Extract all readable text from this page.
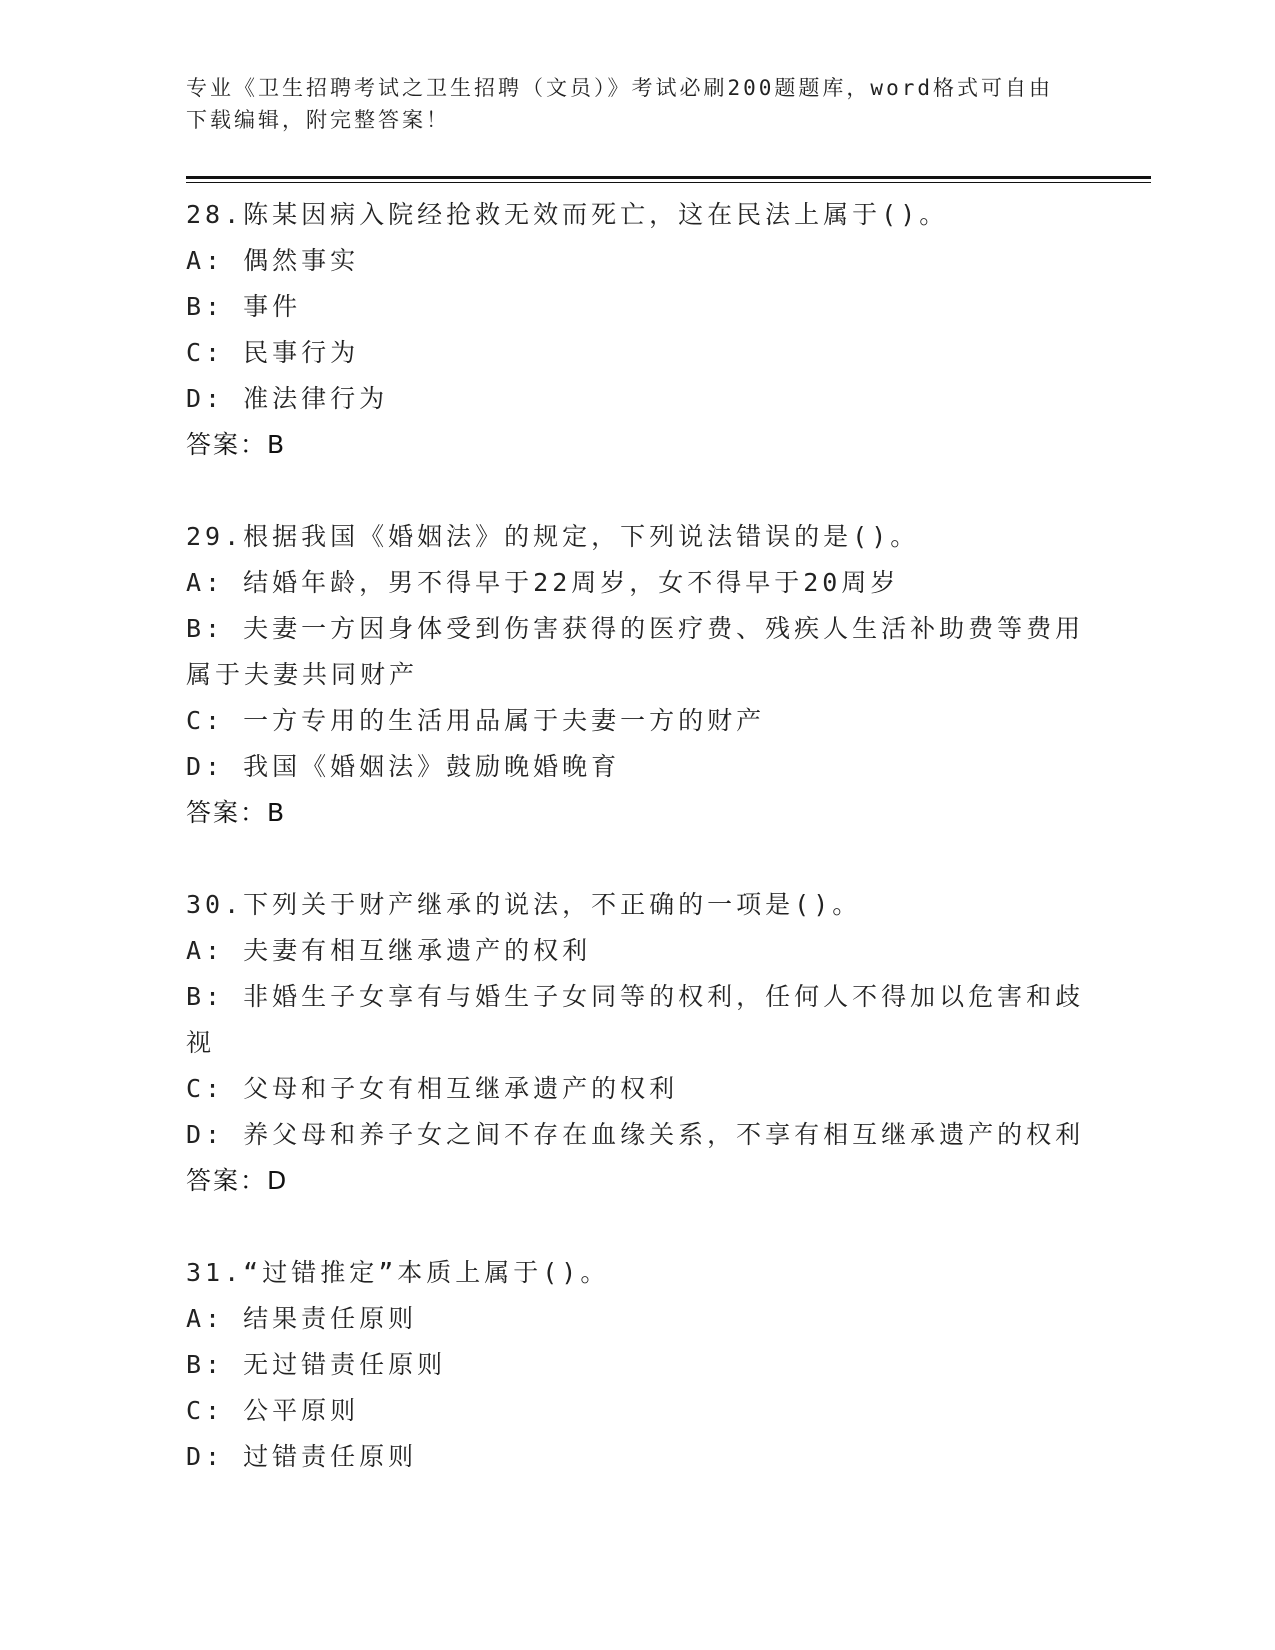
专业《卫生招聘考试之卫生招聘（文员）》考试必刷200题题库，word格式可自由下载编辑，附完整答案！
28.陈某因病入院经抢救无效而死亡，这在民法上属于()。
A: 偶然事实
B: 事件
C: 民事行为
D: 准法律行为
答案：B
29.根据我国《婚姻法》的规定，下列说法错误的是()。
A: 结婚年龄，男不得早于22周岁，女不得早于20周岁
B: 夫妻一方因身体受到伤害获得的医疗费、残疾人生活补助费等费用属于夫妻共同财产
C: 一方专用的生活用品属于夫妻一方的财产
D: 我国《婚姻法》鼓励晚婚晚育
答案：B
30.下列关于财产继承的说法，不正确的一项是()。
A: 夫妻有相互继承遗产的权利
B: 非婚生子女享有与婚生子女同等的权利，任何人不得加以危害和歧视
C: 父母和子女有相互继承遗产的权利
D: 养父母和养子女之间不存在血缘关系，不享有相互继承遗产的权利
答案：D
31.“过错推定”本质上属于()。
A: 结果责任原则
B: 无过错责任原则
C: 公平原则
D: 过错责任原则
